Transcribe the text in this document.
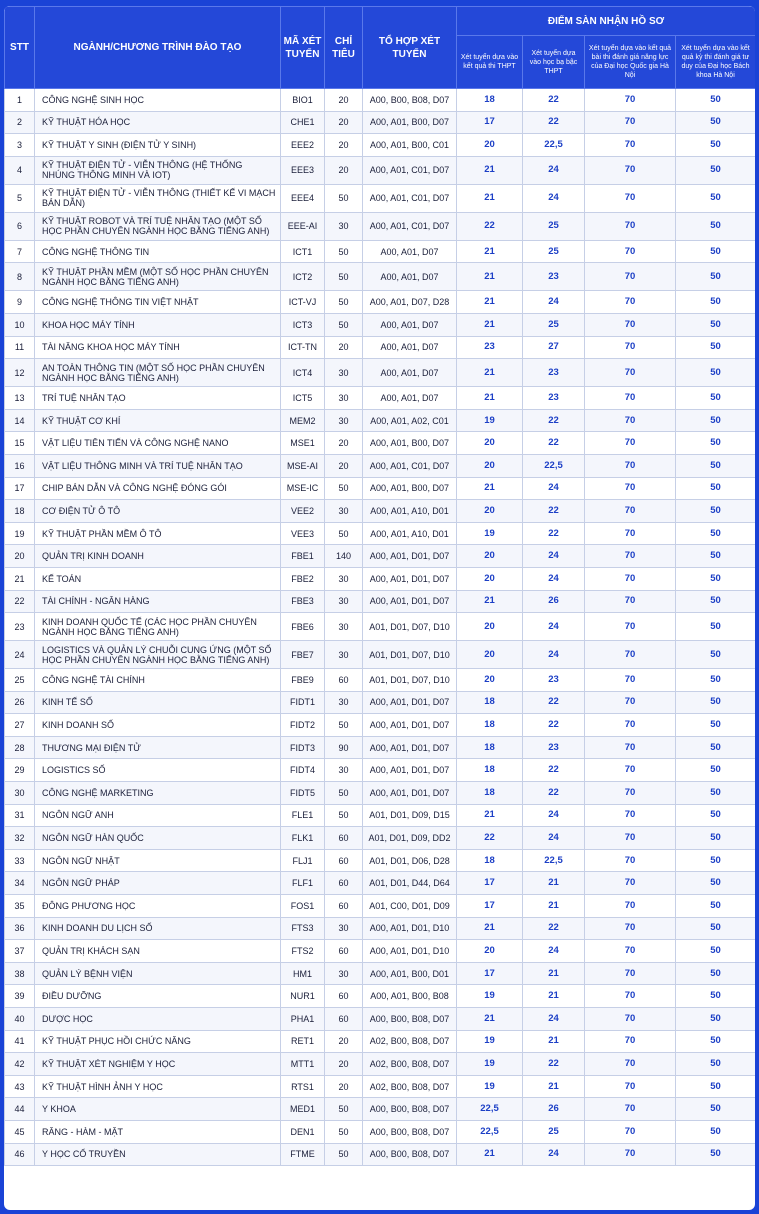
STT	NGÀNH/CHƯƠNG TRÌNH ĐÀO TẠO	MÃ XÉT TUYỂN	CHỈ TIÊU	TỔ HỢP XÉT TUYỂN	ĐIỂM SÀN NHẬN HỒ SƠ			
					Xét tuyển dựa vào kết quả thi THPT	Xét tuyển dựa vào học bạ bậc THPT	Xét tuyển dựa vào kết quả bài thi đánh giá năng lực của Đại học Quốc gia Hà Nội	Xét tuyển dựa vào kết quả kỳ thi đánh giá tư duy của Đại học Bách khoa Hà Nội
1	CÔNG NGHỆ SINH HỌC	BIO1	20	A00, B00, B08, D07	18	22	70	50
2	KỸ THUẬT HÓA HỌC	CHE1	20	A00, A01, B00, D07	17	22	70	50
3	KỸ THUẬT Y SINH (ĐIỆN TỬ Y SINH)	EEE2	20	A00, A01, B00, C01	20	22,5	70	50
4	KỸ THUẬT ĐIỆN TỬ - VIỄN THÔNG (HỆ THỐNG NHÚNG THÔNG MINH VÀ IOT)	EEE3	20	A00, A01, C01, D07	21	24	70	50
5	KỸ THUẬT ĐIỆN TỬ - VIỄN THÔNG (THIẾT KẾ VI MẠCH BÁN DẪN)	EEE4	50	A00, A01, C01, D07	21	24	70	50
6	KỸ THUẬT ROBOT VÀ TRÍ TUỆ NHÂN TẠO (MỘT SỐ HỌC PHẦN CHUYÊN NGÀNH HỌC BẰNG TIẾNG ANH)	EEE-AI	30	A00, A01, C01, D07	22	25	70	50
7	CÔNG NGHỆ THÔNG TIN	ICT1	50	A00, A01, D07	21	25	70	50
8	KỸ THUẬT PHẦN MỀM (MỘT SỐ HỌC PHẦN CHUYÊN NGÀNH HỌC BẰNG TIẾNG ANH)	ICT2	50	A00, A01, D07	21	23	70	50
9	CÔNG NGHỆ THÔNG TIN VIỆT NHẬT	ICT-VJ	50	A00, A01, D07, D28	21	24	70	50
10	KHOA HỌC MÁY TÍNH	ICT3	50	A00, A01, D07	21	25	70	50
11	TÀI NĂNG KHOA HỌC MÁY TÍNH	ICT-TN	20	A00, A01, D07	23	27	70	50
12	AN TOÀN THÔNG TIN (MỘT SỐ HỌC PHẦN CHUYÊN NGÀNH HỌC BẰNG TIẾNG ANH)	ICT4	30	A00, A01, D07	21	23	70	50
13	TRÍ TUỆ NHÂN TẠO	ICT5	30	A00, A01, D07	21	23	70	50
14	KỸ THUẬT CƠ KHÍ	MEM2	30	A00, A01, A02, C01	19	22	70	50
15	VẬT LIỆU TIÊN TIẾN VÀ CÔNG NGHỆ NANO	MSE1	20	A00, A01, B00, D07	20	22	70	50
16	VẬT LIỆU THÔNG MINH VÀ TRÍ TUỆ NHÂN TẠO	MSE-AI	20	A00, A01, C01, D07	20	22,5	70	50
17	CHIP BÁN DẪN VÀ CÔNG NGHỆ ĐÓNG GÓI	MSE-IC	50	A00, A01, B00, D07	21	24	70	50
18	CƠ ĐIỆN TỬ Ô TÔ	VEE2	30	A00, A01, A10, D01	20	22	70	50
19	KỸ THUẬT PHẦN MỀM Ô TÔ	VEE3	50	A00, A01, A10, D01	19	22	70	50
20	QUẢN TRỊ KINH DOANH	FBE1	140	A00, A01, D01, D07	20	24	70	50
21	KẾ TOÁN	FBE2	30	A00, A01, D01, D07	20	24	70	50
22	TÀI CHÍNH - NGÂN HÀNG	FBE3	30	A00, A01, D01, D07	21	26	70	50
23	KINH DOANH QUỐC TẾ (CÁC HỌC PHẦN CHUYÊN NGÀNH HỌC BẰNG TIẾNG ANH)	FBE6	30	A01, D01, D07, D10	20	24	70	50
24	LOGISTICS VÀ QUẢN LÝ CHUỖI CUNG ỨNG (MỘT SỐ HỌC PHẦN CHUYÊN NGÀNH HỌC BẰNG TIẾNG ANH)	FBE7	30	A01, D01, D07, D10	20	24	70	50
25	CÔNG NGHỆ TÀI CHÍNH	FBE9	60	A01, D01, D07, D10	20	23	70	50
26	KINH TẾ SỐ	FIDT1	30	A00, A01, D01, D07	18	22	70	50
27	KINH DOANH SỐ	FIDT2	50	A00, A01, D01, D07	18	22	70	50
28	THƯƠNG MẠI ĐIỆN TỬ	FIDT3	90	A00, A01, D01, D07	18	23	70	50
29	LOGISTICS SỐ	FIDT4	30	A00, A01, D01, D07	18	22	70	50
30	CÔNG NGHỆ MARKETING	FIDT5	50	A00, A01, D01, D07	18	22	70	50
31	NGÔN NGỮ ANH	FLE1	50	A01, D01, D09, D15	21	24	70	50
32	NGÔN NGỮ HÀN QUỐC	FLK1	60	A01, D01, D09, DD2	22	24	70	50
33	NGÔN NGỮ NHẬT	FLJ1	60	A01, D01, D06, D28	18	22,5	70	50
34	NGÔN NGỮ PHÁP	FLF1	60	A01, D01, D44, D64	17	21	70	50
35	ĐÔNG PHƯƠNG HỌC	FOS1	60	A01, C00, D01, D09	17	21	70	50
36	KINH DOANH DU LỊCH SỐ	FTS3	30	A00, A01, D01, D10	21	22	70	50
37	QUẢN TRỊ KHÁCH SẠN	FTS2	60	A00, A01, D01, D10	20	24	70	50
38	QUẢN LÝ BỆNH VIỆN	HM1	30	A00, A01, B00, D01	17	21	70	50
39	ĐIỀU DƯỠNG	NUR1	60	A00, A01, B00, B08	19	21	70	50
40	DƯỢC HỌC	PHA1	60	A00, B00, B08, D07	21	24	70	50
41	KỸ THUẬT PHỤC HỒI CHỨC NĂNG	RET1	20	A02, B00, B08, D07	19	21	70	50
42	KỸ THUẬT XÉT NGHIỆM Y HỌC	MTT1	20	A02, B00, B08, D07	19	22	70	50
43	KỸ THUẬT HÌNH ẢNH Y HỌC	RTS1	20	A02, B00, B08, D07	19	21	70	50
44	Y KHOA	MED1	50	A00, B00, B08, D07	22,5	26	70	50
45	RĂNG - HÀM - MẶT	DEN1	50	A00, B00, B08, D07	22,5	25	70	50
46	Y HỌC CỔ TRUYỀN	FTME	50	A00, B00, B08, D07	21	24	70	50
